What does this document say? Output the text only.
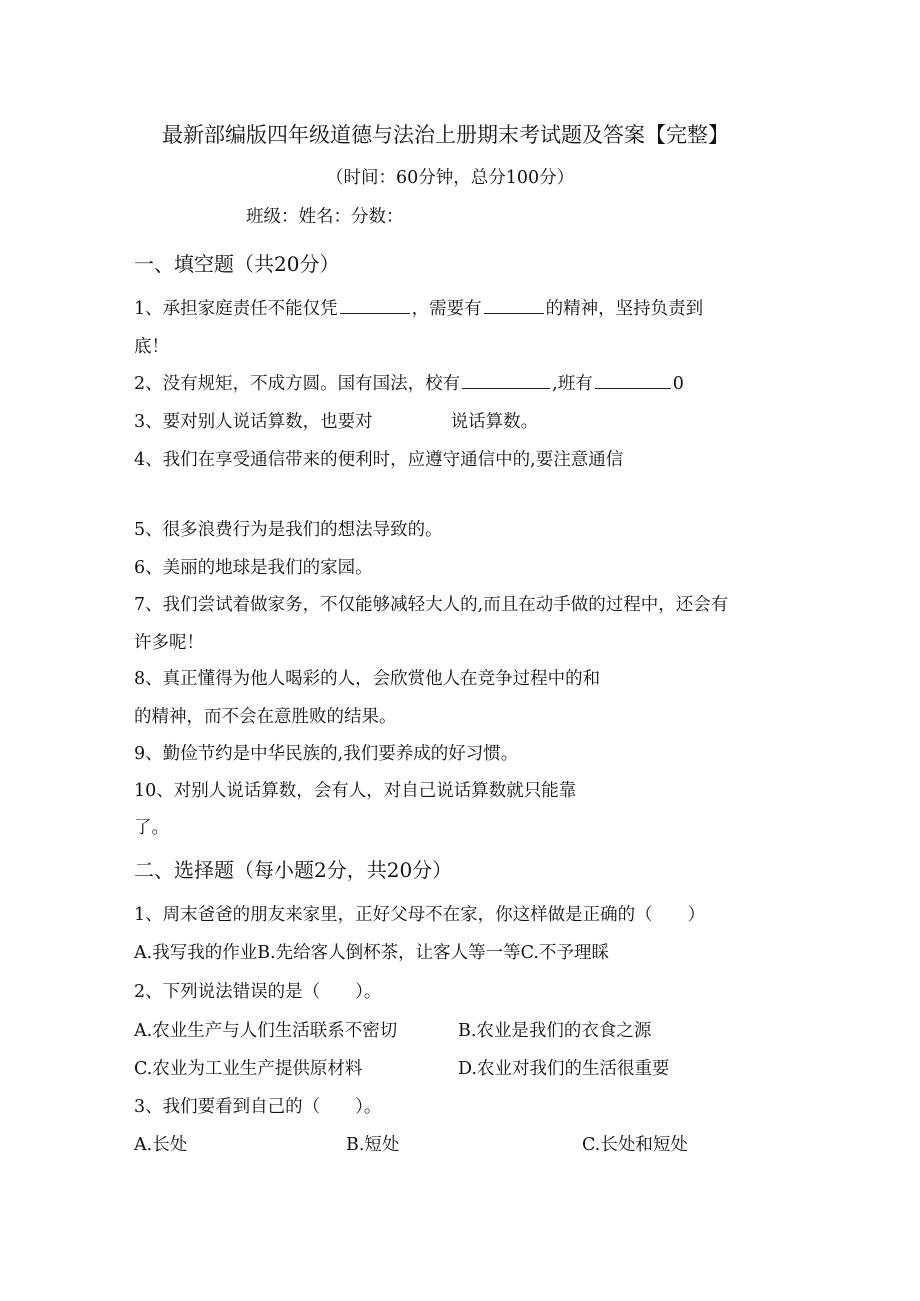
最新部编版四年级道德与法治上册期末考试题及答案【完整】
（时间：60分钟，总分100分）
班级：姓名：分数：
一、填空题（共20分）
1、承担家庭责任不能仅凭	，需要有	的精神，坚持负责到
底！
2、没有规矩，不成方圆。国有国法，校有	,班有	0
3、要对别人说话算数，也要对	说话算数。
4、我们在享受通信带来的便利时，应遵守通信中的,要注意通信
5、很多浪费行为是我们的想法导致的。
6、美丽的地球是我们的家园。
7、我们尝试着做家务，不仅能够减轻大人的,而且在动手做的过程中，还会有
许多呢！
8、真正懂得为他人喝彩的人，会欣赏他人在竞争过程中的和
的精神，而不会在意胜败的结果。
9、勤俭节约是中华民族的,我们要养成的好习惯。
10、对别人说话算数，会有人，对自己说话算数就只能靠
了。
二、选择题（每小题2分，共20分）
1、周末爸爸的朋友来家里，正好父母不在家，你这样做是正确的（　　）
A.我写我的作业B.先给客人倒杯茶，让客人等一等C.不予理睬
2、下列说法错误的是（　　）。
A.农业生产与人们生活联系不密切	B.农业是我们的衣食之源
C.农业为工业生产提供原材料	D.农业对我们的生活很重要
3、我们要看到自己的（　　）。
A.长处	B.短处	C.长处和短处
